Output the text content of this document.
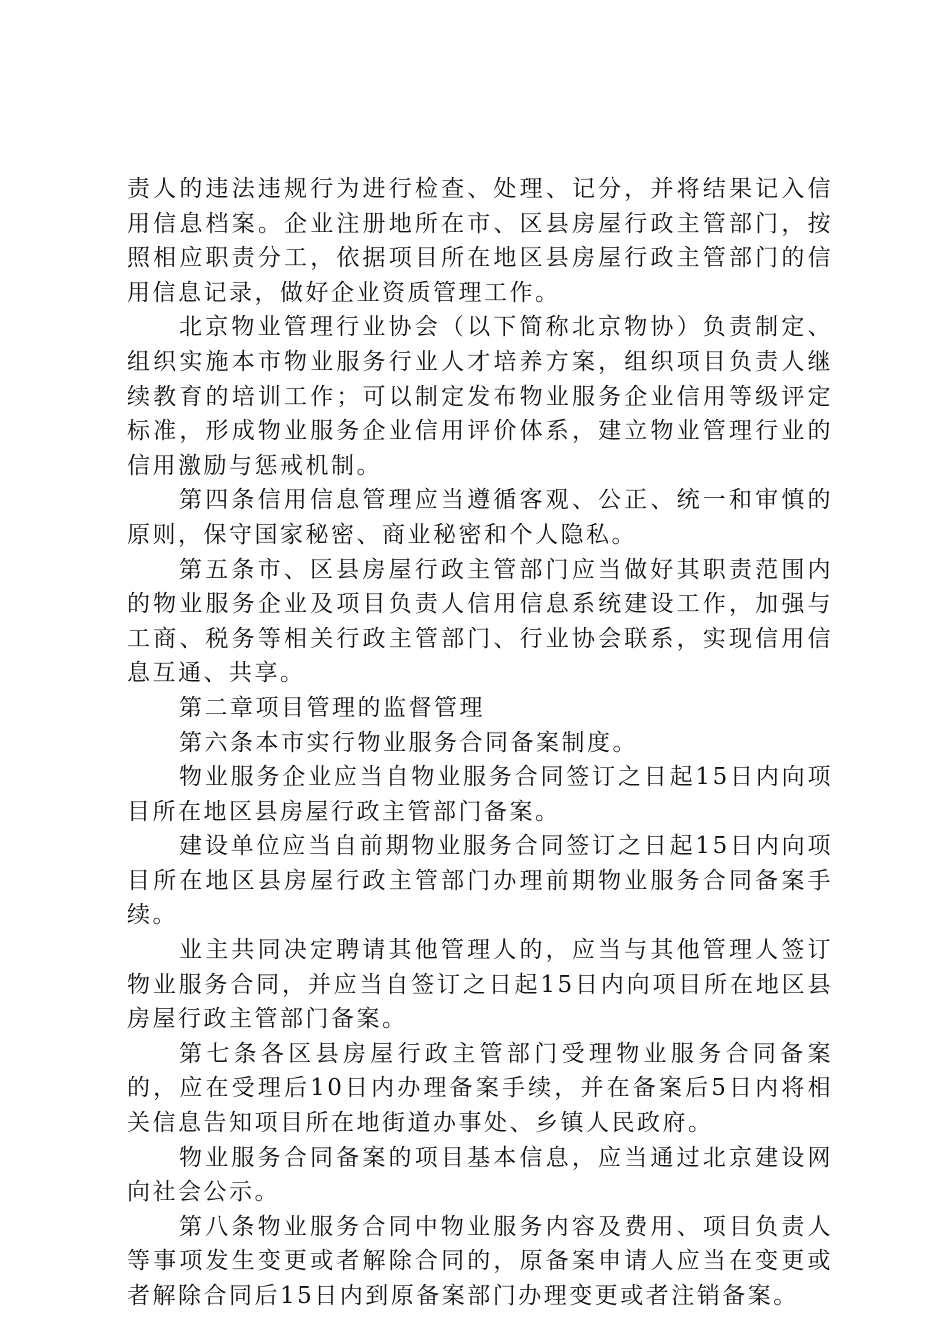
责人的违法违规行为进行检查、处理、记分，并将结果记入信用信息档案。企业注册地所在市、区县房屋行政主管部门，按照相应职责分工，依据项目所在地区县房屋行政主管部门的信用信息记录，做好企业资质管理工作。

北京物业管理行业协会（以下简称北京物协）负责制定、组织实施本市物业服务行业人才培养方案，组织项目负责人继续教育的培训工作；可以制定发布物业服务企业信用等级评定标准，形成物业服务企业信用评价体系，建立物业管理行业的信用激励与惩戒机制。

第四条信用信息管理应当遵循客观、公正、统一和审慎的原则，保守国家秘密、商业秘密和个人隐私。

第五条市、区县房屋行政主管部门应当做好其职责范围内的物业服务企业及项目负责人信用信息系统建设工作，加强与工商、税务等相关行政主管部门、行业协会联系，实现信用信息互通、共享。

第二章项目管理的监督管理

第六条本市实行物业服务合同备案制度。

物业服务企业应当自物业服务合同签订之日起15日内向项目所在地区县房屋行政主管部门备案。

建设单位应当自前期物业服务合同签订之日起15日内向项目所在地区县房屋行政主管部门办理前期物业服务合同备案手续。

业主共同决定聘请其他管理人的，应当与其他管理人签订物业服务合同，并应当自签订之日起15日内向项目所在地区县房屋行政主管部门备案。

第七条各区县房屋行政主管部门受理物业服务合同备案的，应在受理后10日内办理备案手续，并在备案后5日内将相关信息告知项目所在地街道办事处、乡镇人民政府。

物业服务合同备案的项目基本信息，应当通过北京建设网向社会公示。

第八条物业服务合同中物业服务内容及费用、项目负责人等事项发生变更或者解除合同的，原备案申请人应当在变更或者解除合同后15日内到原备案部门办理变更或者注销备案。
